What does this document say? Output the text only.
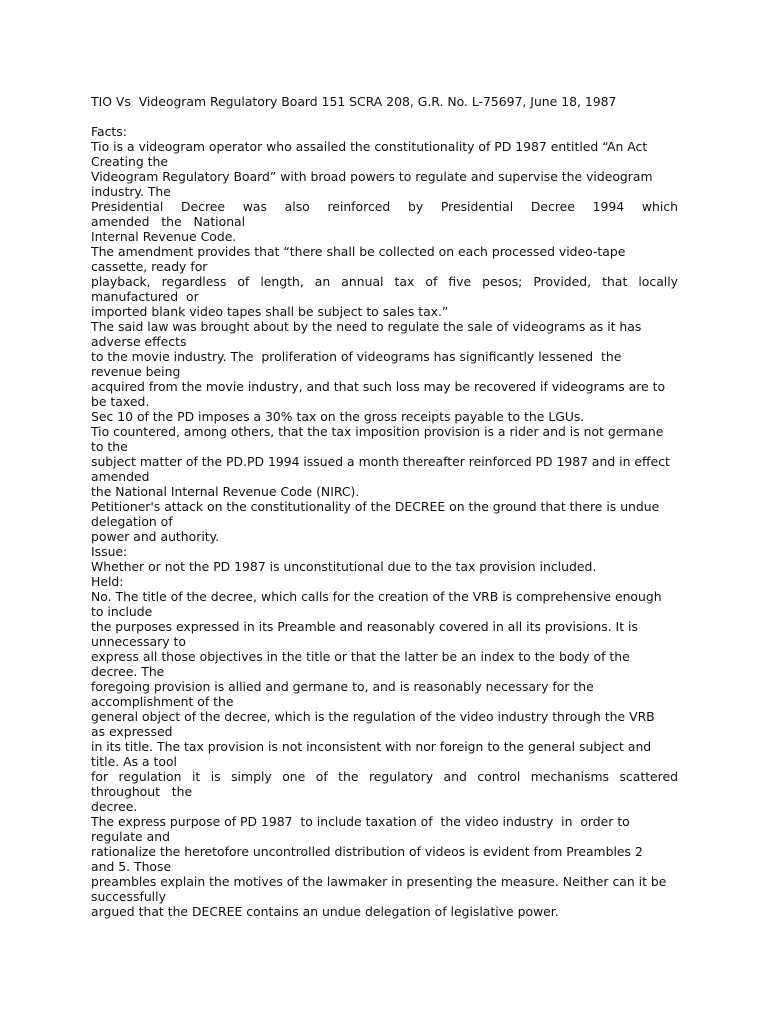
TIO Vs  Videogram Regulatory Board 151 SCRA 208, G.R. No. L-75697, June 18, 1987
Facts:
Tio is a videogram operator who assailed the constitutionality of PD 1987 entitled “An Act
Creating the
Videogram Regulatory Board” with broad powers to regulate and supervise the videogram
industry. The
Presidential Decree was also reinforced by Presidential Decree 1994 which
amended   the   National
Internal Revenue Code.
The amendment provides that “there shall be collected on each processed video-tape
cassette, ready for
playback, regardless of length, an annual tax of five pesos; Provided, that locally
manufactured  or
imported blank video tapes shall be subject to sales tax.”
The said law was brought about by the need to regulate the sale of videograms as it has
adverse effects
to the movie industry. The  proliferation of videograms has significantly lessened  the
revenue being
acquired from the movie industry, and that such loss may be recovered if videograms are to
be taxed.
Sec 10 of the PD imposes a 30% tax on the gross receipts payable to the LGUs.
Tio countered, among others, that the tax imposition provision is a rider and is not germane
to the
subject matter of the PD.PD 1994 issued a month thereafter reinforced PD 1987 and in effect
amended
the National Internal Revenue Code (NIRC).
Petitioner's attack on the constitutionality of the DECREE on the ground that there is undue
delegation of
power and authority.
Issue:
Whether or not the PD 1987 is unconstitutional due to the tax provision included.
Held:
No. The title of the decree, which calls for the creation of the VRB is comprehensive enough
to include
the purposes expressed in its Preamble and reasonably covered in all its provisions. It is
unnecessary to
express all those objectives in the title or that the latter be an index to the body of the
decree. The
foregoing provision is allied and germane to, and is reasonably necessary for the
accomplishment of the
general object of the decree, which is the regulation of the video industry through the VRB
as expressed
in its title. The tax provision is not inconsistent with nor foreign to the general subject and
title. As a tool
for regulation it is simply one of the regulatory and control mechanisms scattered
throughout   the
decree.
The express purpose of PD 1987  to include taxation of  the video industry  in  order to
regulate and
rationalize the heretofore uncontrolled distribution of videos is evident from Preambles 2
and 5. Those
preambles explain the motives of the lawmaker in presenting the measure. Neither can it be
successfully
argued that the DECREE contains an undue delegation of legislative power.
